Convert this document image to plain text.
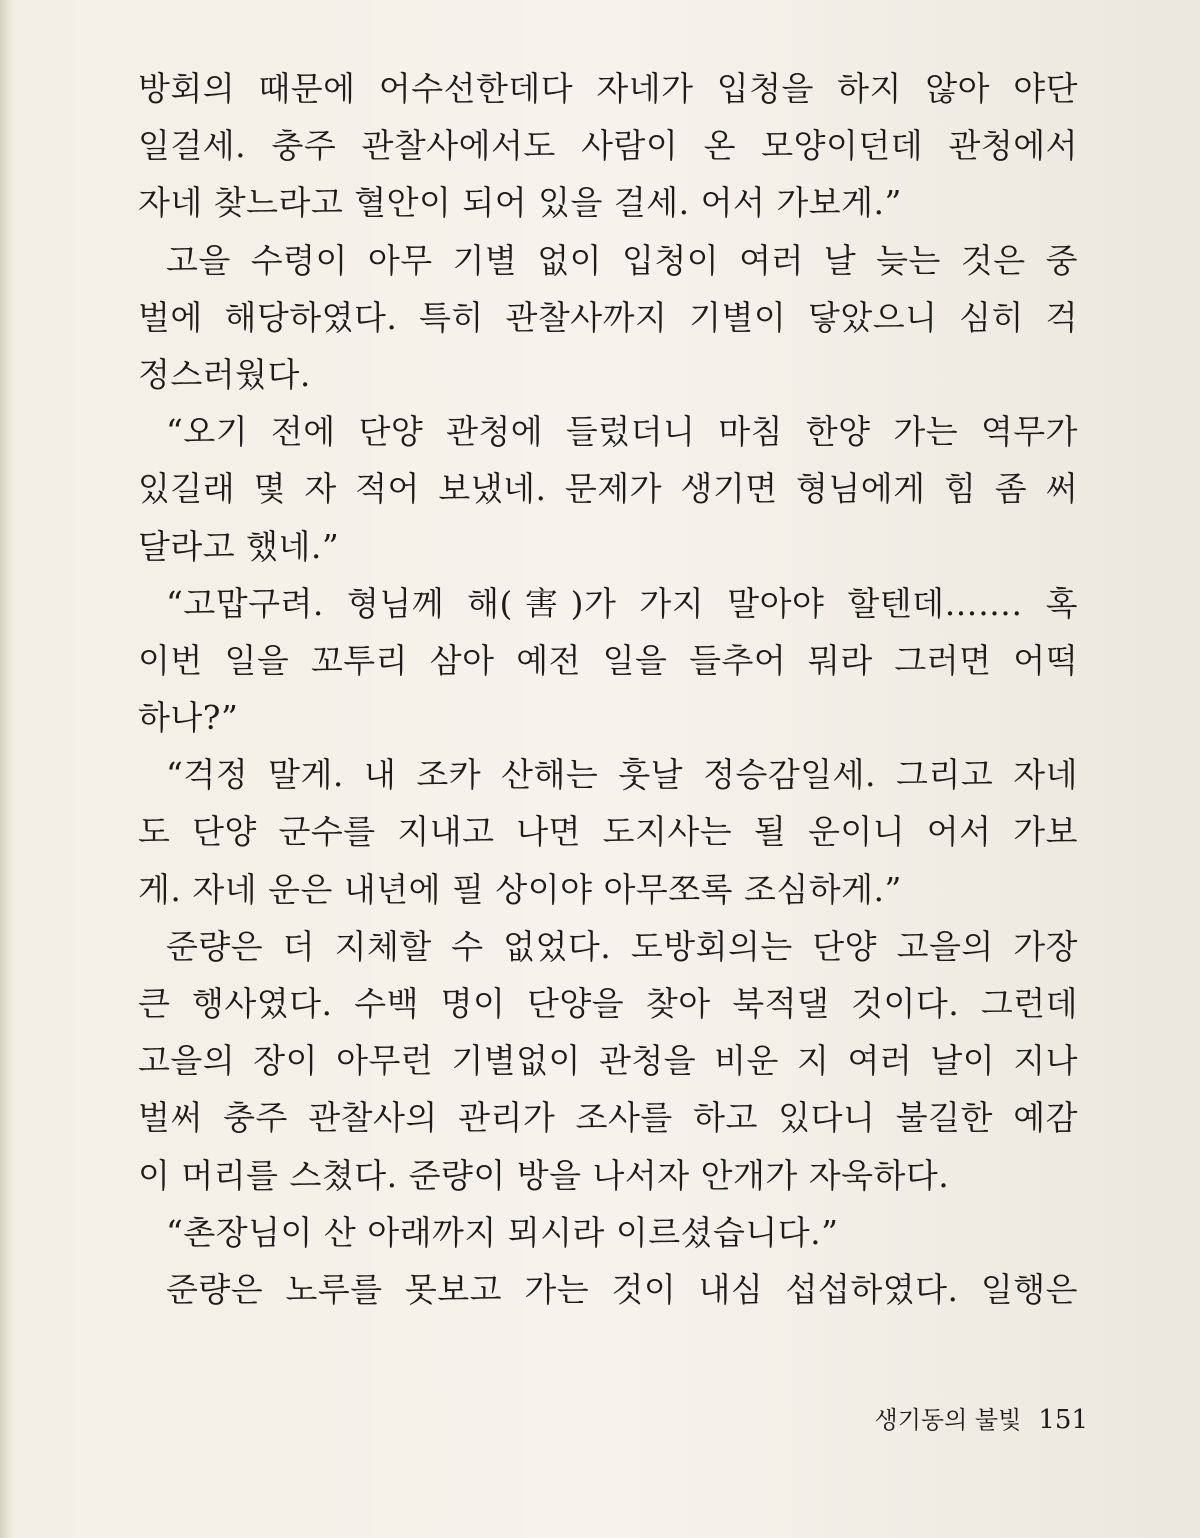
방회의 때문에 어수선한데다 자네가 입청을 하지 않아 야단
일걸세. 충주 관찰사에서도 사람이 온 모양이던데 관청에서
자네 찾느라고 혈안이 되어 있을 걸세. 어서 가보게.”
고을 수령이 아무 기별 없이 입청이 여러 날 늦는 것은 중
벌에 해당하였다. 특히 관찰사까지 기별이 닿았으니 심히 걱
정스러웠다.
“오기 전에 단양 관청에 들렀더니 마침 한양 가는 역무가
있길래 몇 자 적어 보냈네. 문제가 생기면 형님에게 힘 좀 써
달라고 했네.”
“고맙구려. 형님께 해(害)가 가지 말아야 할텐데……. 혹
이번 일을 꼬투리 삼아 예전 일을 들추어 뭐라 그러면 어떡
하나?”
“걱정 말게. 내 조카 산해는 훗날 정승감일세. 그리고 자네
도 단양 군수를 지내고 나면 도지사는 될 운이니 어서 가보
게. 자네 운은 내년에 필 상이야 아무쪼록 조심하게.”
준량은 더 지체할 수 없었다. 도방회의는 단양 고을의 가장
큰 행사였다. 수백 명이 단양을 찾아 북적댈 것이다. 그런데
고을의 장이 아무런 기별없이 관청을 비운 지 여러 날이 지나
벌써 충주 관찰사의 관리가 조사를 하고 있다니 불길한 예감
이 머리를 스쳤다. 준량이 방을 나서자 안개가 자욱하다.
“촌장님이 산 아래까지 뫼시라 이르셨습니다.”
준량은 노루를 못보고 가는 것이 내심 섭섭하였다. 일행은
생기동의 불빛 151
